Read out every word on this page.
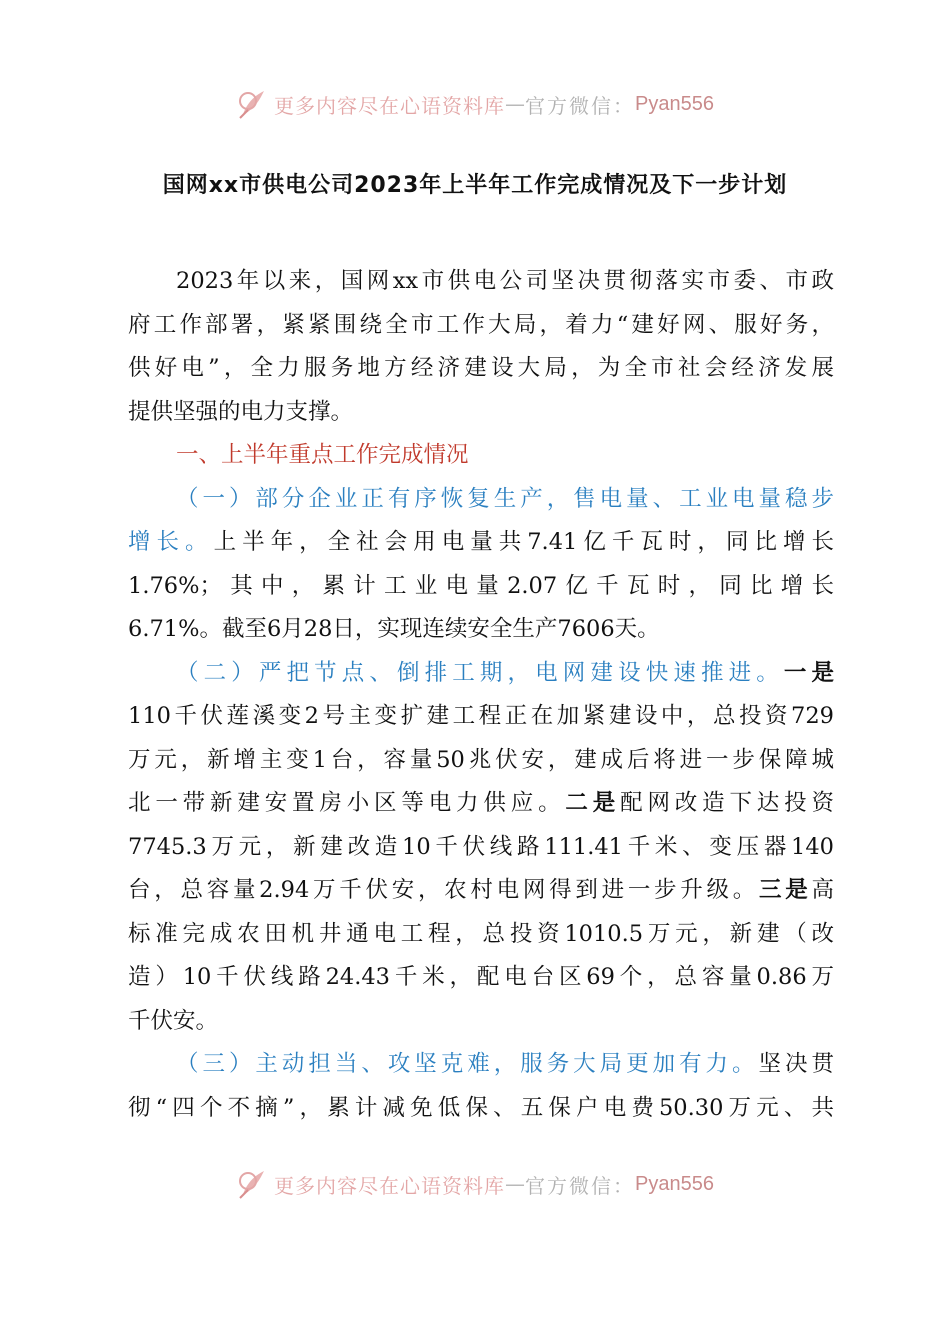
更多内容尽在心语资料库 — 官方微信： Pyan556
国网xx市供电公司2023年上半年工作完成情况及下一步计划
2023年以来，国网xx市供电公司坚决贯彻落实市委、市政
府工作部署，紧紧围绕全市工作大局，着力“建好网、服好务，
供好电”，全力服务地方经济建设大局，为全市社会经济发展
提供坚强的电力支撑。
一、上半年重点工作完成情况
（一）部分企业正有序恢复生产，售电量、工业电量稳步
增长。上半年，全社会用电量共7.41亿千瓦时，同比增长
1.76%；其中，累计工业电量2.07亿千瓦时，同比增长
6.71%。截至6月28日，实现连续安全生产7606天。
（二）严把节点、倒排工期，电网建设快速推进。一是
110千伏莲溪变2号主变扩建工程正在加紧建设中，总投资729
万元，新增主变1台，容量50兆伏安，建成后将进一步保障城
北一带新建安置房小区等电力供应。二是配网改造下达投资
7745.3万元，新建改造10千伏线路111.41千米、变压器140
台，总容量2.94万千伏安，农村电网得到进一步升级。三是高
标准完成农田机井通电工程，总投资1010.5万元，新建（改
造）10千伏线路24.43千米，配电台区69个，总容量0.86万
千伏安。
（三）主动担当、攻坚克难，服务大局更加有力。坚决贯
彻“四个不摘”，累计减免低保、五保户电费50.30万元、共
更多内容尽在心语资料库 — 官方微信： Pyan556
